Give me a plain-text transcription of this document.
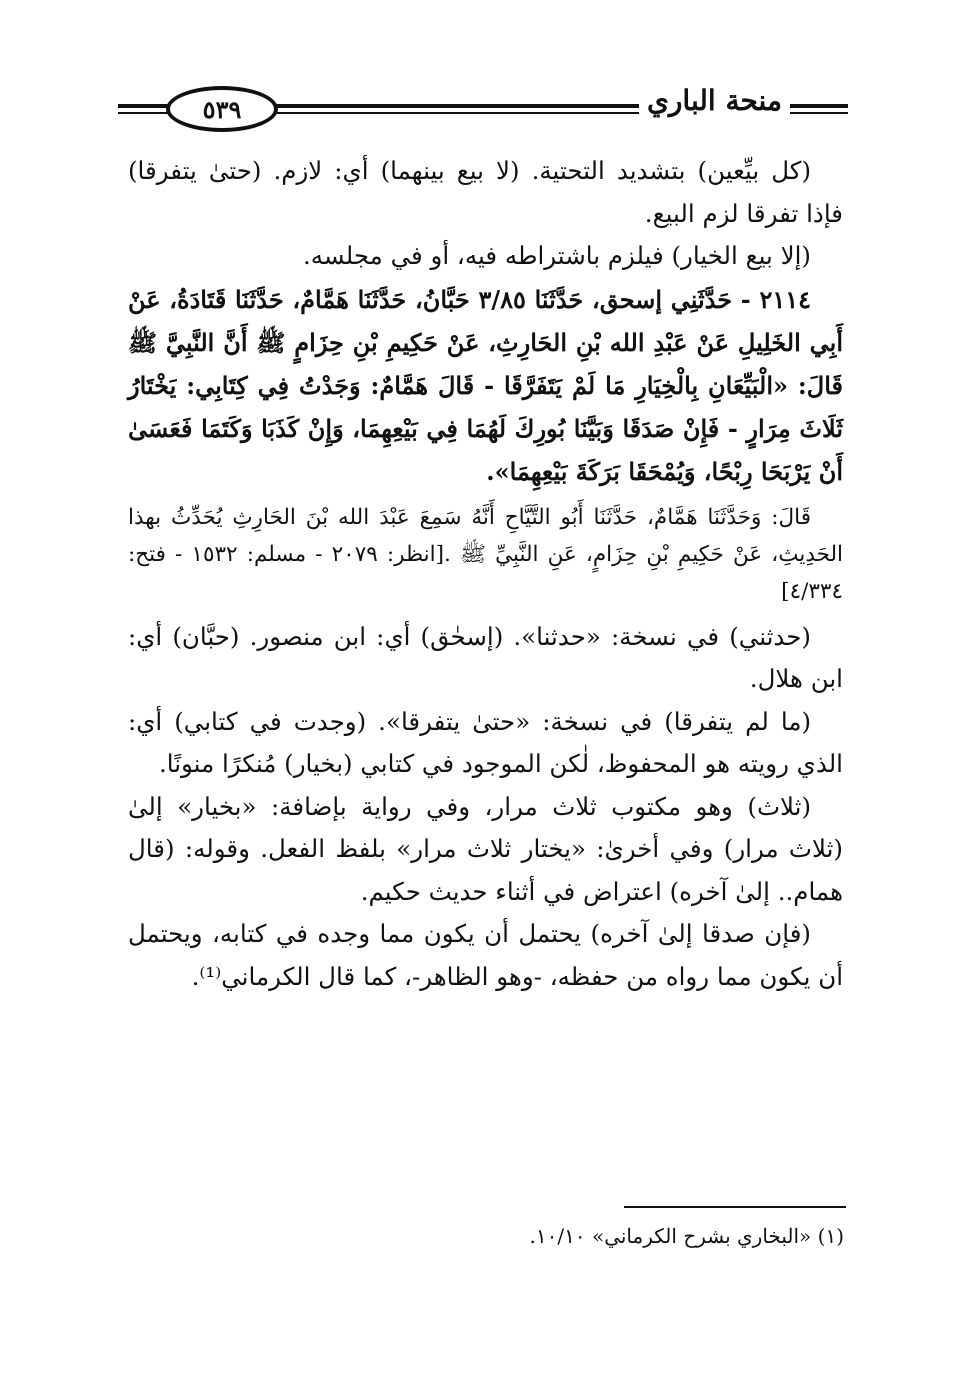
٥٣٩	منحة الباري

(كل بيِّعين) بتشديد التحتية. (لا بيع بينهما) أي: لازم. (حتىٰ يتفرقا) فإذا تفرقا لزم البيع.

(إلا بيع الخيار) فيلزم باشتراطه فيه، أو في مجلسه.

٢١١٤ - حَدَّثَنِي إسحق، حَدَّثَنَا ٣/٨٥ حَبَّانُ، حَدَّثَنَا هَمَّامٌ، حَدَّثَنَا قَتَادَةُ، عَنْ أَبِي الخَلِيلِ عَنْ عَبْدِ الله بْنِ الحَارِثِ، عَنْ حَكِيمِ بْنِ حِزَامٍ ﷺ أَنَّ النَّبِيَّ ﷺ قَالَ: «الْبَيِّعَانِ بِالْخِيَارِ مَا لَمْ يَتَفَرَّقَا - قَالَ هَمَّامٌ: وَجَدْتُ فِي كِتَابِي: يَخْتَارُ ثَلَاثَ مِرَارٍ - فَإِنْ صَدَقَا وَبَيَّنَا بُورِكَ لَهُمَا فِي بَيْعِهِمَا، وَإِنْ كَذَبَا وَكَتَمَا فَعَسَىٰ أَنْ يَرْبَحَا رِبْحًا، وَيُمْحَقَا بَرَكَةَ بَيْعِهِمَا».

قَالَ: وَحَدَّثَنَا هَمَّامٌ، حَدَّثَنَا أَبُو التَّيَّاحِ أَنَّهُ سَمِعَ عَبْدَ الله بْنَ الحَارِثِ يُحَدِّثُ بهذا الحَدِيثِ، عَنْ حَكِيمِ بْنِ حِزَامٍ، عَنِ النَّبِيِّ ﷺ .[انظر: ٢٠٧٩ - مسلم: ١٥٣٢ - فتح: ٤/٣٣٤]

(حدثني) في نسخة: «حدثنا». (إسحٰق) أي: ابن منصور. (حبَّان) أي: ابن هلال.

(ما لم يتفرقا) في نسخة: «حتىٰ يتفرقا». (وجدت في كتابي) أي: الذي رويته هو المحفوظ، لٰكن الموجود في كتابي (بخيار) مُنكرًا منونًا.

(ثلاث) وهو مكتوب ثلاث مرار، وفي رواية بإضافة: «بخيار» إلىٰ (ثلاث مرار) وفي أخرىٰ: «يختار ثلاث مرار» بلفظ الفعل. وقوله: (قال همام.. إلىٰ آخره) اعتراض في أثناء حديث حكيم.

(فإن صدقا إلىٰ آخره) يحتمل أن يكون مما وجده في كتابه، ويحتمل أن يكون مما رواه من حفظه، -وهو الظاهر-، كما قال الكرماني⁽¹⁾.

(١) «البخاري بشرح الكرماني» ١٠/١٠.
